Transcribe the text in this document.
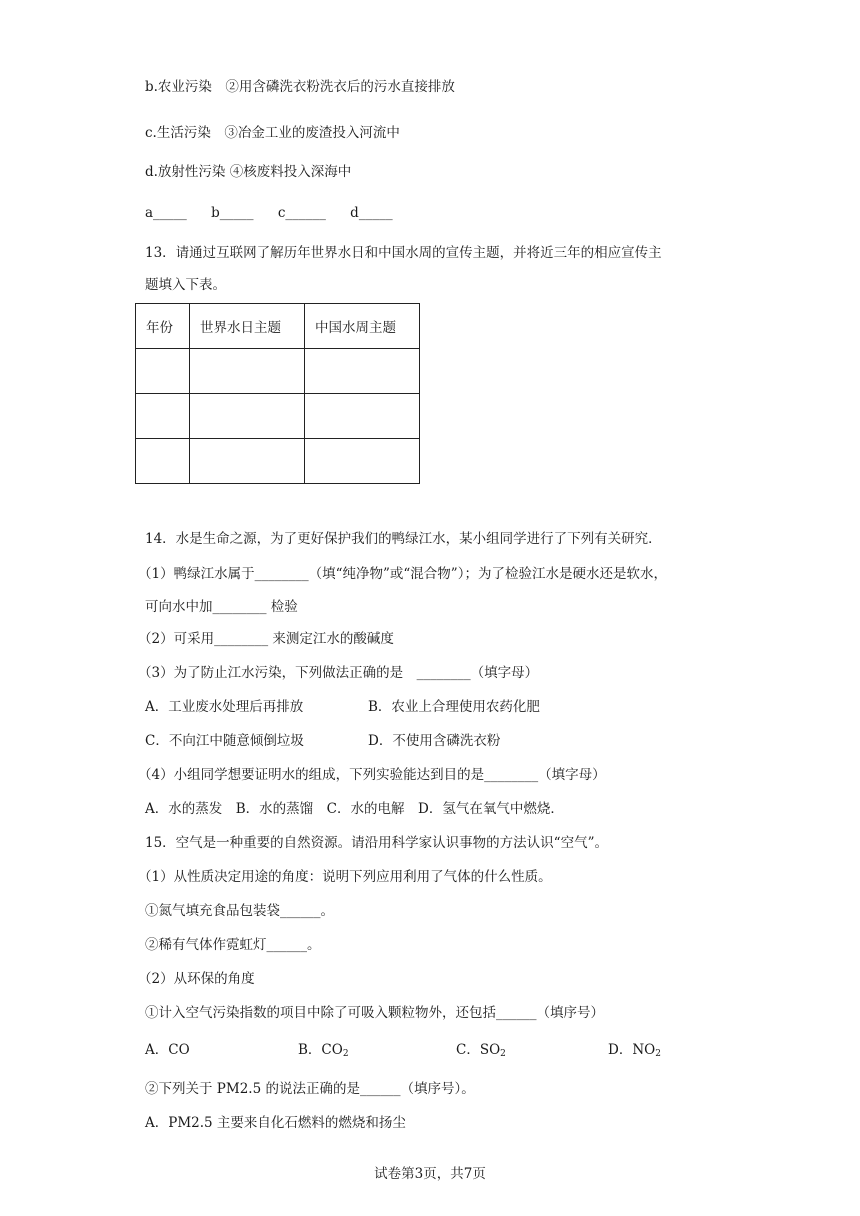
b.农业污染　②用含磷洗衣粉洗衣后的污水直接排放
c.生活污染　③冶金工业的废渣投入河流中
d.放射性污染 ④核废料投入深海中
a_____ b_____ c______ d_____
13．请通过互联网了解历年世界水日和中国水周的宣传主题，并将近三年的相应宣传主
题填入下表。
年份	世界水日主题	中国水周主题

14．水是生命之源，为了更好保护我们的鸭绿江水，某小组同学进行了下列有关研究．
（1）鸭绿江水属于________（填“纯净物”或“混合物”）；为了检验江水是硬水还是软水，
可向水中加________ 检验
（2）可采用________ 来测定江水的酸碱度
（3）为了防止江水污染，下列做法正确的是　________（填字母）
A．工业废水处理后再排放	B．农业上合理使用农药化肥
C．不向江中随意倾倒垃圾	D．不使用含磷洗衣粉
（4）小组同学想要证明水的组成，下列实验能达到目的是________（填字母）
A．水的蒸发　B．水的蒸馏　C．水的电解　D．氢气在氧气中燃烧．
15．空气是一种重要的自然资源。请沿用科学家认识事物的方法认识“空气”。
（1）从性质决定用途的角度：说明下列应用利用了气体的什么性质。
①氮气填充食品包装袋______。
②稀有气体作霓虹灯______。
（2）从环保的角度
①计入空气污染指数的项目中除了可吸入颗粒物外，还包括______（填序号）
A．CO	B．$CO_2$	C．$SO_2$	D．$NO_2$
②下列关于 PM2.5 的说法正确的是______（填序号）。
A．PM2.5 主要来自化石燃料的燃烧和扬尘
试卷第3页，共7页
